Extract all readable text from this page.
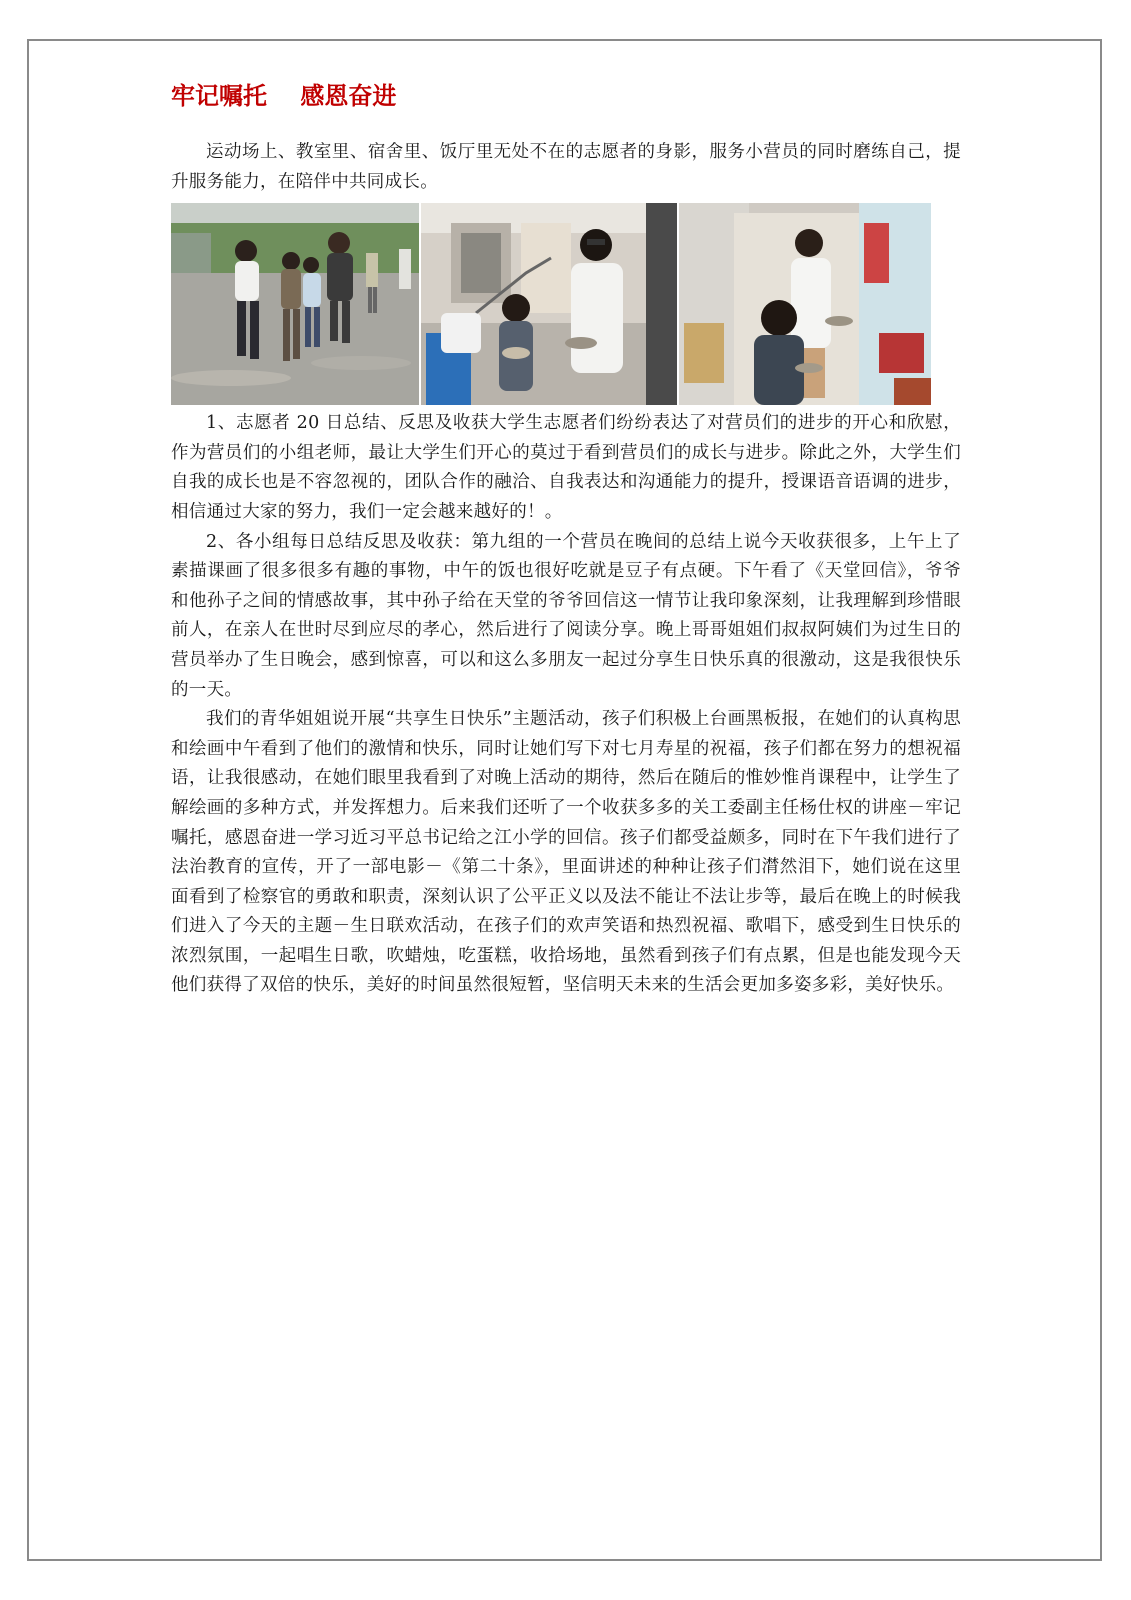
牢记嘱托    感恩奋进

运动场上、教室里、宿舍里、饭厅里无处不在的志愿者的身影，服务小营员的同时磨练自己，提升服务能力，在陪伴中共同成长。

1、志愿者 20 日总结、反思及收获大学生志愿者们纷纷表达了对营员们的进步的开心和欣慰，作为营员们的小组老师，最让大学生们开心的莫过于看到营员们的成长与进步。除此之外，大学生们自我的成长也是不容忽视的，团队合作的融洽、自我表达和沟通能力的提升，授课语音语调的进步，相信通过大家的努力，我们一定会越来越好的！。

2、各小组每日总结反思及收获：第九组的一个营员在晚间的总结上说今天收获很多，上午上了素描课画了很多很多有趣的事物，中午的饭也很好吃就是豆子有点硬。下午看了《天堂回信》，爷爷和他孙子之间的情感故事，其中孙子给在天堂的爷爷回信这一情节让我印象深刻，让我理解到珍惜眼前人，在亲人在世时尽到应尽的孝心，然后进行了阅读分享。晚上哥哥姐姐们叔叔阿姨们为过生日的营员举办了生日晚会，感到惊喜，可以和这么多朋友一起过分享生日快乐真的很激动，这是我很快乐的一天。

我们的青华姐姐说开展“共享生日快乐”主题活动，孩子们积极上台画黑板报，在她们的认真构思和绘画中午看到了他们的激情和快乐，同时让她们写下对七月寿星的祝福，孩子们都在努力的想祝福语，让我很感动，在她们眼里我看到了对晚上活动的期待，然后在随后的惟妙惟肖课程中，让学生了解绘画的多种方式，并发挥想力。后来我们还听了一个收获多多的关工委副主任杨仕权的讲座－牢记嘱托，感恩奋进一学习近习平总书记给之江小学的回信。孩子们都受益颇多，同时在下午我们进行了法治教育的宣传，开了一部电影－《第二十条》，里面讲述的种种让孩子们潸然泪下，她们说在这里面看到了检察官的勇敢和职责，深刻认识了公平正义以及法不能让不法让步等，最后在晚上的时候我们进入了今天的主题－生日联欢活动，在孩子们的欢声笑语和热烈祝福、歌唱下，感受到生日快乐的浓烈氛围，一起唱生日歌，吹蜡烛，吃蛋糕，收拾场地，虽然看到孩子们有点累，但是也能发现今天他们获得了双倍的快乐，美好的时间虽然很短暂，坚信明天未来的生活会更加多姿多彩，美好快乐。
